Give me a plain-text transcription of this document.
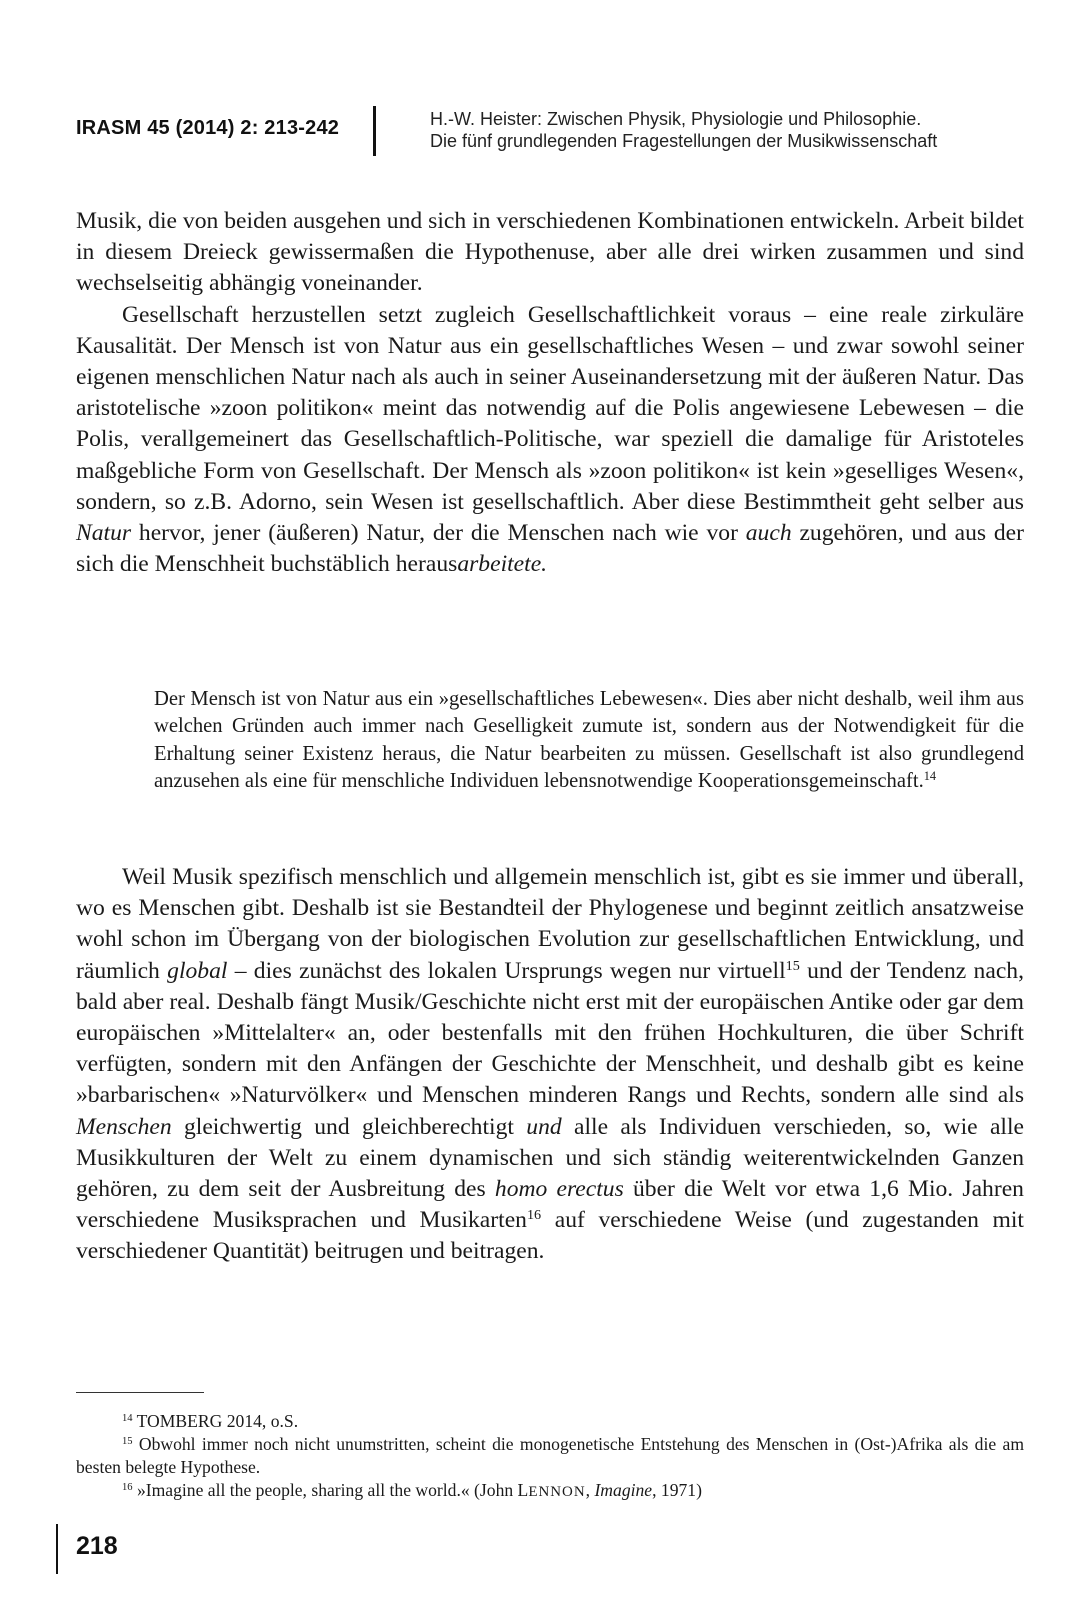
IRASM 45 (2014) 2: 213-242	H.-W. Heister: Zwischen Physik, Physiologie und Philosophie.
Die fünf grundlegenden Fragestellungen der Musikwissenschaft

Musik, die von beiden ausgehen und sich in verschiedenen Kombinationen entwickeln. Arbeit bildet in diesem Dreieck gewissermaßen die Hypothenuse, aber alle drei wirken zusammen und sind wechselseitig abhängig voneinander.

Gesellschaft herzustellen setzt zugleich Gesellschaftlichkeit voraus – eine reale zirkuläre Kausalität. Der Mensch ist von Natur aus ein gesellschaftliches Wesen – und zwar sowohl seiner eigenen menschlichen Natur nach als auch in seiner Auseinandersetzung mit der äußeren Natur. Das aristotelische »zoon politikon« meint das notwendig auf die Polis angewiesene Lebewesen – die Polis, verallgemeinert das Gesellschaftlich-Politische, war speziell die damalige für Aristoteles maßgebliche Form von Gesellschaft. Der Mensch als »zoon politikon« ist kein »geselliges Wesen«, sondern, so z.B. Adorno, sein Wesen ist gesellschaftlich. Aber diese Bestimmtheit geht selber aus Natur hervor, jener (äußeren) Natur, der die Menschen nach wie vor auch zugehören, und aus der sich die Menschheit buchstäblich herausarbeitete.

Der Mensch ist von Natur aus ein »gesellschaftliches Lebewesen«. Dies aber nicht deshalb, weil ihm aus welchen Gründen auch immer nach Geselligkeit zumute ist, sondern aus der Notwendigkeit für die Erhaltung seiner Existenz heraus, die Natur bearbeiten zu müssen. Gesellschaft ist also grundlegend anzusehen als eine für menschliche Individuen lebensnotwendige Kooperationsgemeinschaft.$^{14}$

Weil Musik spezifisch menschlich und allgemein menschlich ist, gibt es sie immer und überall, wo es Menschen gibt. Deshalb ist sie Bestandteil der Phylogenese und beginnt zeitlich ansatzweise wohl schon im Übergang von der biologischen Evolution zur gesellschaftlichen Entwicklung, und räumlich global – dies zunächst des lokalen Ursprungs wegen nur virtuell$^{15}$ und der Tendenz nach, bald aber real. Deshalb fängt Musik/Geschichte nicht erst mit der europäischen Antike oder gar dem europäischen »Mittelalter« an, oder bestenfalls mit den frühen Hochkulturen, die über Schrift verfügten, sondern mit den Anfängen der Geschichte der Menschheit, und deshalb gibt es keine »barbarischen« »Naturvölker« und Menschen minderen Rangs und Rechts, sondern alle sind als Menschen gleichwertig und gleichberechtigt und alle als Individuen verschieden, so, wie alle Musikkulturen der Welt zu einem dynamischen und sich ständig weiterentwickelnden Ganzen gehören, zu dem seit der Ausbreitung des homo erectus über die Welt vor etwa 1,6 Mio. Jahren verschiedene Musiksprachen und Musikarten$^{16}$ auf verschiedene Weise (und zugestanden mit verschiedener Quantität) beitrugen und beitragen.

$^{14}$ TOMBERG 2014, o.S.

$^{15}$ Obwohl immer noch nicht unumstritten, scheint die monogenetische Entstehung des Menschen in (Ost-)Afrika als die am besten belegte Hypothese.

$^{16}$ »Imagine all the people, sharing all the world.« (John LENNON, Imagine, 1971)

218
